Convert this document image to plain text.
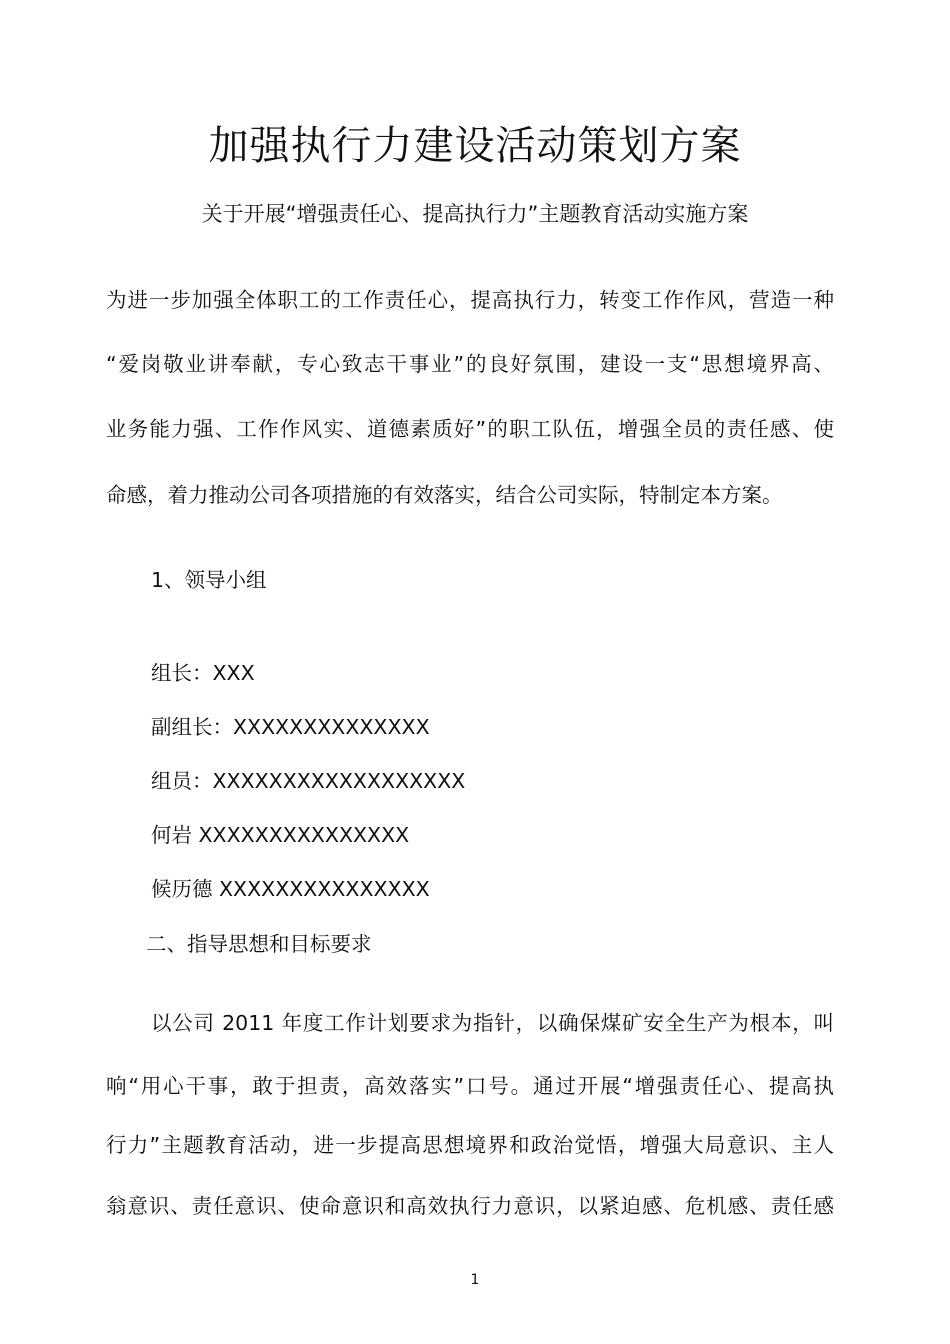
加强执行力建设活动策划方案
关于开展“增强责任心、提高执行力”主题教育活动实施方案
为进一步加强全体职工的工作责任心，提高执行力，转变工作作风，营造一种
“爱岗敬业讲奉献，专心致志干事业”的良好氛围，建设一支“思想境界高、
业务能力强、工作作风实、道德素质好”的职工队伍，增强全员的责任感、使
命感，着力推动公司各项措施的有效落实，结合公司实际，特制定本方案。
1、领导小组
组长：XXX
副组长：XXXXXXXXXXXXXX
组员：XXXXXXXXXXXXXXXXXX
何岩 XXXXXXXXXXXXXXX
候历德 XXXXXXXXXXXXXXX
二、指导思想和目标要求
以公司 2011 年度工作计划要求为指针，以确保煤矿安全生产为根本，叫
响“用心干事，敢于担责，高效落实”口号。通过开展“增强责任心、提高执
行力”主题教育活动，进一步提高思想境界和政治觉悟，增强大局意识、主人
翁意识、责任意识、使命意识和高效执行力意识，以紧迫感、危机感、责任感
1
